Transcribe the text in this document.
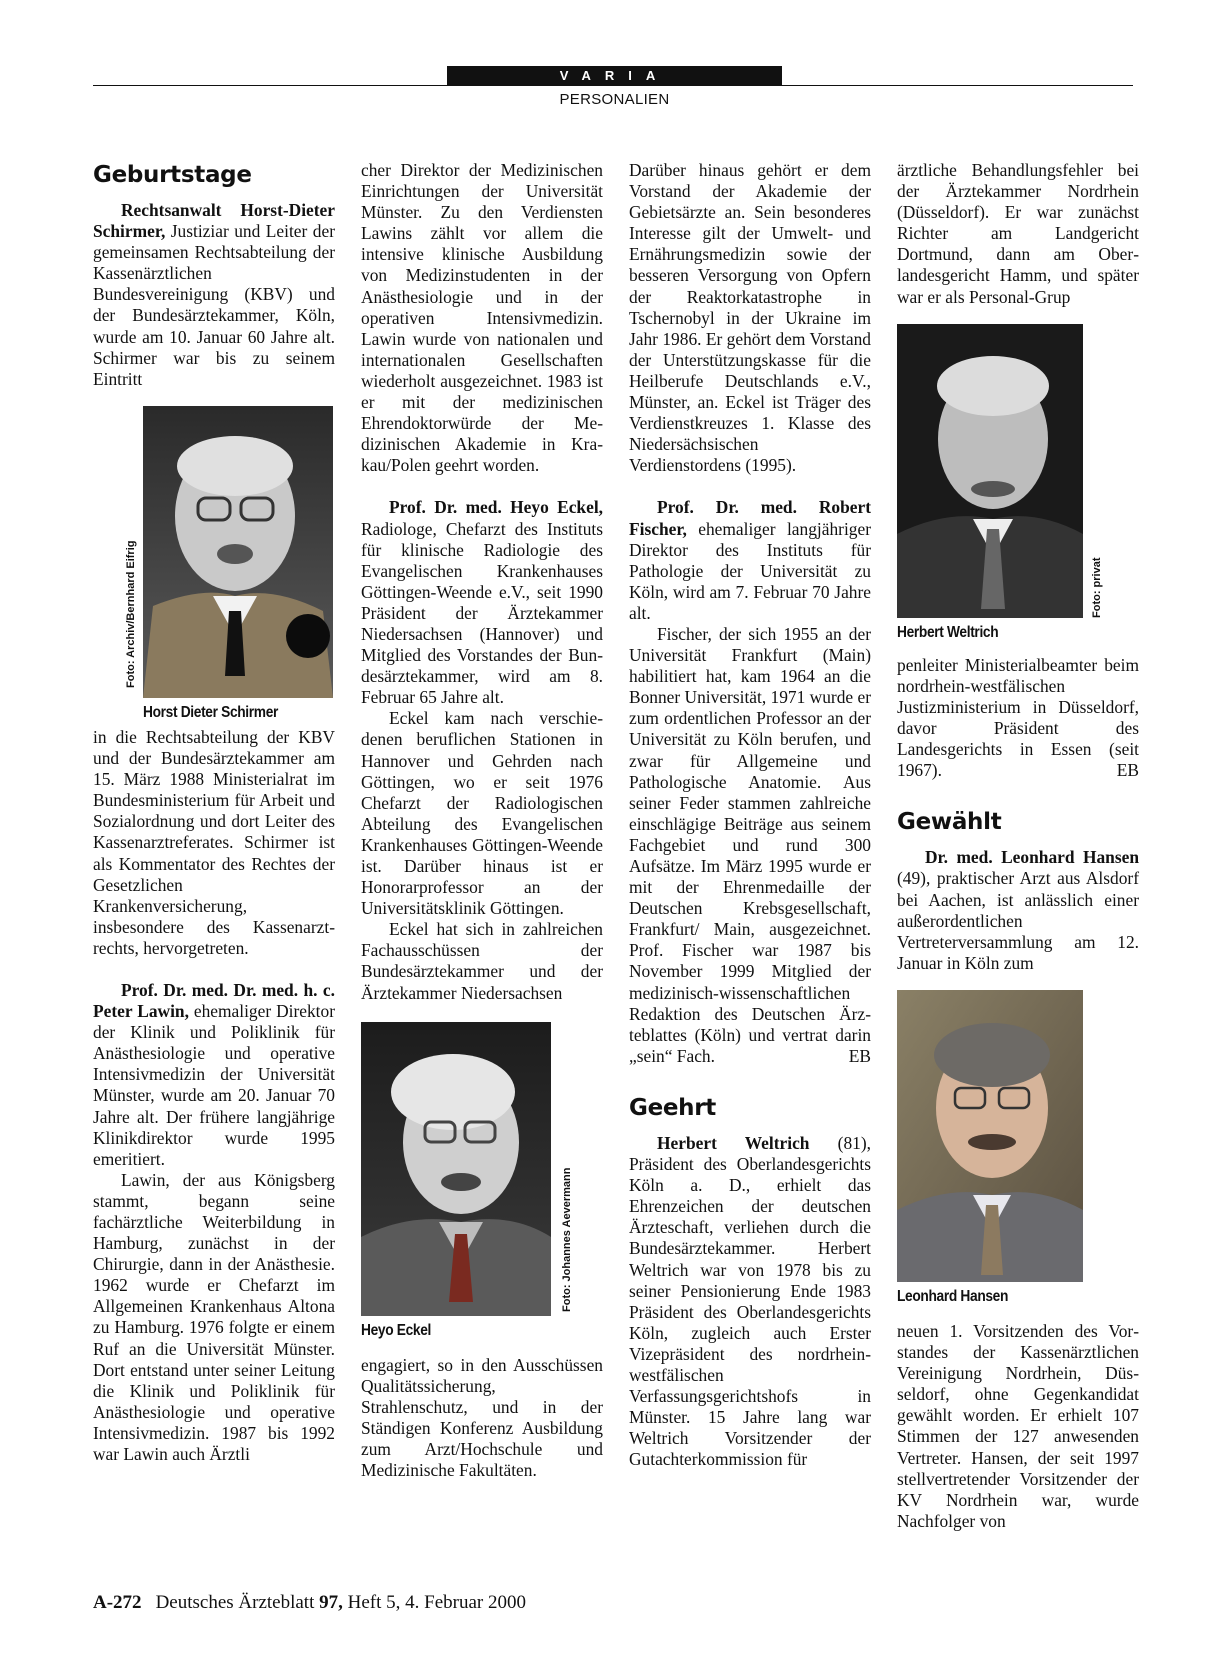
VARIA
PERSONALIEN
Geburtstage

Rechtsanwalt Horst-Dieter Schirmer, Justiziar und Leiter der gemeinsamen Rechtsabteilung der Kassenärztlichen Bundesvereinigung (KBV) und der Bundesärztekammer, Köln, wurde am 10. Januar 60 Jahre alt. Schirmer war bis zu seinem Eintritt

Foto: Archiv/Bernhard Eifrig
Horst Dieter Schirmer

in die Rechtsabteilung der KBV und der Bundesärztekammer am 15. März 1988 Ministerialrat im Bundesministerium für Arbeit und Sozialordnung und dort Leiter des Kassenarztreferates. Schirmer ist als Kommentator des Rechtes der Gesetzlichen Krankenversicherung, insbesondere des Kassenarztrechts, hervorgetreten.

Prof. Dr. med. Dr. med. h. c. Peter Lawin, ehemaliger Direktor der Klinik und Poliklinik für Anästhesiologie und operative Intensivmedizin der Universität Münster, wurde am 20. Januar 70 Jahre alt. Der frühere langjährige Klinikdirektor wurde 1995 emeritiert.

Lawin, der aus Königsberg stammt, begann seine fachärztliche Weiterbildung in Hamburg, zunächst in der Chirurgie, dann in der Anästhesie. 1962 wurde er Chefarzt im Allgemeinen Krankenhaus Altona zu Hamburg. 1976 folgte er einem Ruf an die Universität Münster. Dort entstand unter seiner Leitung die Klinik und Poliklinik für Anästhesiologie und operative Intensivmedizin. 1987 bis 1992 war Lawin auch Ärztli

cher Direktor der Medizinischen Einrichtungen der Universität Münster. Zu den Verdiensten Lawins zählt vor allem die intensive klinische Ausbildung von Medizinstudenten in der Anästhesiologie und in der operativen Intensivmedizin. Lawin wurde von nationalen und internationalen Gesellschaften wiederholt ausgezeichnet. 1983 ist er mit der medizinischen Ehrendoktorwürde der Medizinischen Akademie in Krakau/Polen geehrt worden.

Prof. Dr. med. Heyo Eckel, Radiologe, Chefarzt des Instituts für klinische Radiologie des Evangelischen Krankenhauses Göttingen-Weende e.V., seit 1990 Präsident der Ärztekammer Niedersachsen (Hannover) und Mitglied des Vorstandes der Bundesärztekammer, wird am 8. Februar 65 Jahre alt.

Eckel kam nach verschiedenen beruflichen Stationen in Hannover und Gehrden nach Göttingen, wo er seit 1976 Chefarzt der Radiologischen Abteilung des Evangelischen Krankenhauses Göttingen-Weende ist. Darüber hinaus ist er Honorarprofessor an der Universitätsklinik Göttingen.

Eckel hat sich in zahlreichen Fachausschüssen der Bundesärztekammer und der Ärztekammer Niedersachsen

Foto: Johannes Aevermann
Heyo Eckel

engagiert, so in den Ausschüssen Qualitätssicherung, Strahlenschutz, und in der Ständigen Konferenz Ausbildung zum Arzt/Hochschule und Medizinische Fakultäten.

Darüber hinaus gehört er dem Vorstand der Akademie der Gebietsärzte an. Sein besonderes Interesse gilt der Umwelt- und Ernährungsmedizin sowie der besseren Versorgung von Opfern der Reaktorkatastrophe in Tschernobyl in der Ukraine im Jahr 1986. Er gehört dem Vorstand der Unterstützungskasse für die Heilberufe Deutschlands e.V., Münster, an. Eckel ist Träger des Verdienstkreuzes 1. Klasse des Niedersächsischen Verdienstordens (1995).

Prof. Dr. med. Robert Fischer, ehemaliger langjähriger Direktor des Instituts für Pathologie der Universität zu Köln, wird am 7. Februar 70 Jahre alt.

Fischer, der sich 1955 an der Universität Frankfurt (Main) habilitiert hat, kam 1964 an die Bonner Universität, 1971 wurde er zum ordentlichen Professor an der Universität zu Köln berufen, und zwar für Allgemeine und Pathologische Anatomie. Aus seiner Feder stammen zahlreiche einschlägige Beiträge aus seinem Fachgebiet und rund 300 Aufsätze. Im März 1995 wurde er mit der Ehrenmedaille der Deutschen Krebsgesellschaft, Frankfurt/ Main, ausgezeichnet. Prof. Fischer war 1987 bis November 1999 Mitglied der medizinisch-wissenschaftlichen Redaktion des Deutschen Ärzteblattes (Köln) und vertrat darin „sein“ Fach.	EB

Geehrt

Herbert Weltrich (81), Präsident des Oberlandesgerichts Köln a. D., erhielt das Ehrenzeichen der deutschen Ärzteschaft, verliehen durch die Bundesärztekammer. Herbert Weltrich war von 1978 bis zu seiner Pensionierung Ende 1983 Präsident des Oberlandesgerichts Köln, zugleich auch Erster Vizepräsident des nordrhein-westfälischen Verfassungsgerichtshofs in Münster. 15 Jahre lang war Weltrich Vorsitzender der Gutachterkommission für

ärztliche Behandlungsfehler bei der Ärztekammer Nordrhein (Düsseldorf). Er war zunächst Richter am Landgericht Dortmund, dann am Oberlandesgericht Hamm, und später war er als Personal-Grup

Foto: privat
Herbert Weltrich

penleiter Ministerialbeamter beim nordrhein-westfälischen Justizministerium in Düsseldorf, davor Präsident des Landesgerichts in Essen (seit 1967).	EB

Gewählt

Dr. med. Leonhard Hansen (49), praktischer Arzt aus Alsdorf bei Aachen, ist anlässlich einer außerordentlichen Vertreterversammlung am 12. Januar in Köln zum

Leonhard Hansen

neuen 1. Vorsitzenden des Vorstandes der Kassenärztlichen Vereinigung Nordrhein, Düsseldorf, ohne Gegenkandidat gewählt worden. Er erhielt 107 Stimmen der 127 anwesenden Vertreter. Hansen, der seit 1997 stellvertretender Vorsitzender der KV Nordrhein war, wurde Nachfolger von

A-272 Deutsches Ärzteblatt 97, Heft 5, 4. Februar 2000
